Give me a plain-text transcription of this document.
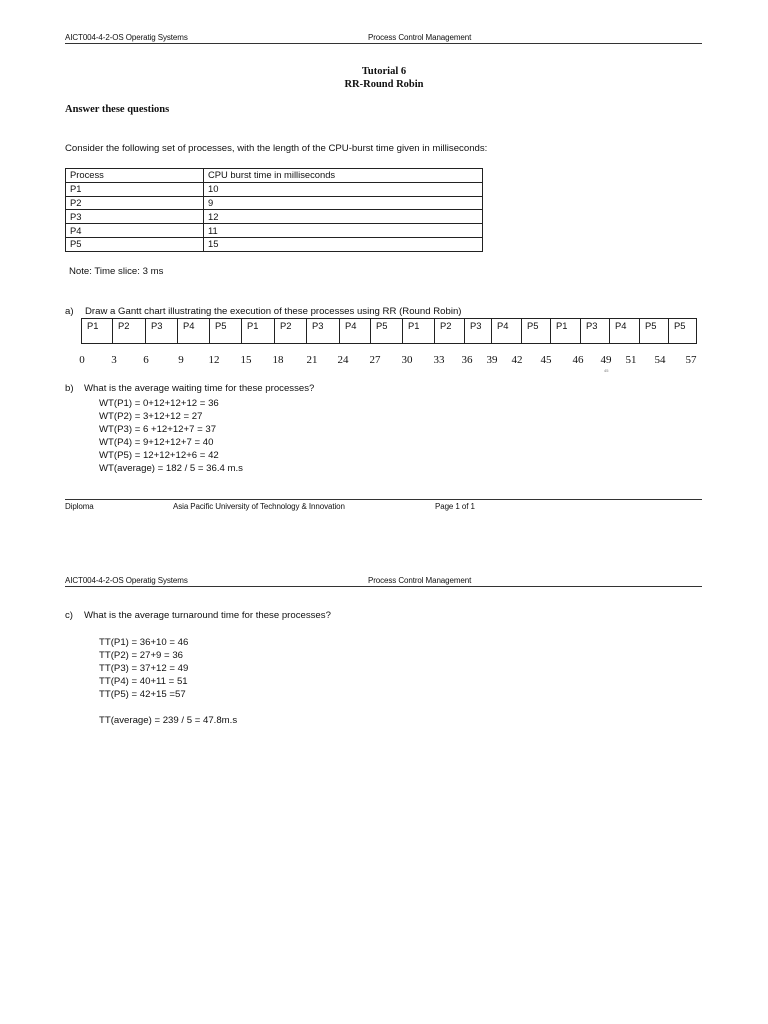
AICT004-4-2-OS Operatig Systems	Process Control Management
Tutorial 6
RR-Round Robin
Answer these questions
Consider the following set of processes, with the length of the CPU-burst time given in milliseconds:
Process	CPU burst time in milliseconds
P1	10
P2	9
P3	12
P4	11
P5	15
Note: Time slice: 3 ms
a) Draw a Gantt chart illustrating the execution of these processes using RR (Round Robin)
P1	P2	P3	P4	P5	P1	P2	P3	P4	P5	P1	P2	P3	P4	P5	P1	P3	P4	P5	P5
0 3 6	9 12 15 18 21 24 27 30 33 36 39 42 45 46 49 51 54 57
45
b) What is the average waiting time for these processes?
WT(P1) = 0+12+12+12 = 36
WT(P2) = 3+12+12 = 27
WT(P3) = 6 +12+12+7 = 37
WT(P4) = 9+12+12+7 = 40
WT(P5) = 12+12+12+6 = 42
WT(average) = 182 / 5 = 36.4 m.s
Diploma	Asia Pacific University of Technology & Innovation	Page 1 of 1
AICT004-4-2-OS Operatig Systems	Process Control Management
c) What is the average turnaround time for these processes?
TT(P1) = 36+10 = 46
TT(P2) = 27+9 = 36
TT(P3) = 37+12 = 49
TT(P4) = 40+11 = 51
TT(P5) = 42+15 =57
TT(average) = 239 / 5 = 47.8m.s
